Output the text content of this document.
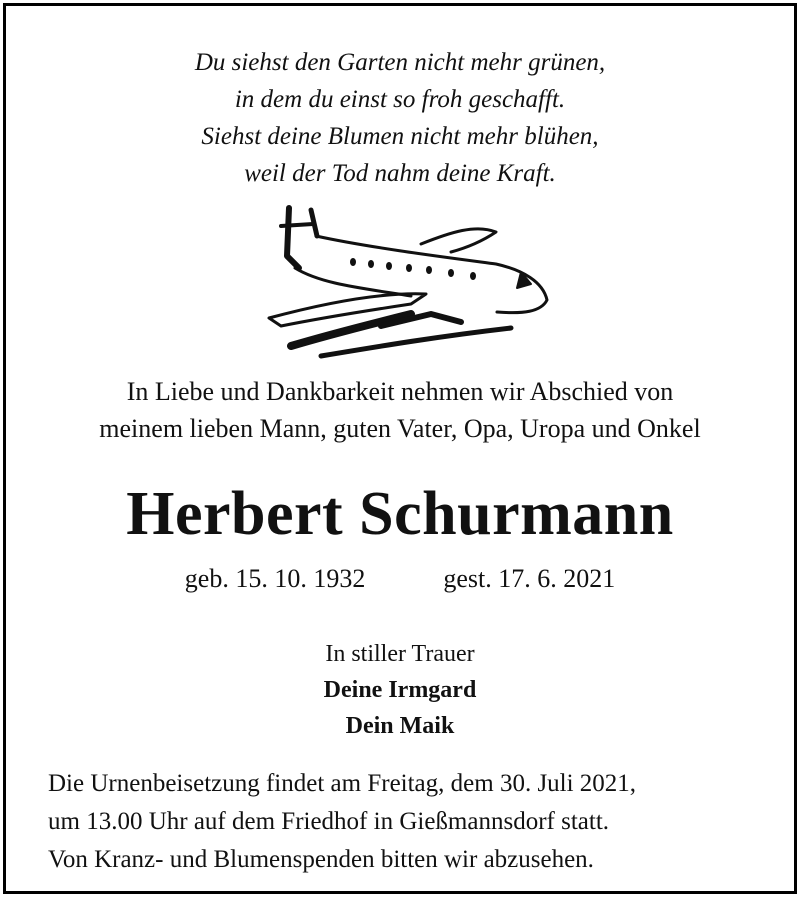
Du siehst den Garten nicht mehr grünen,
in dem du einst so froh geschafft.
Siehst deine Blumen nicht mehr blühen,
weil der Tod nahm deine Kraft.
In Liebe und Dankbarkeit nehmen wir Abschied von
meinem lieben Mann, guten Vater, Opa, Uropa und Onkel
Herbert Schurmann
geb. 15. 10. 1932	gest. 17. 6. 2021
In stiller Trauer
Deine Irmgard
Dein Maik
Die Urnenbeisetzung findet am Freitag, dem 30. Juli 2021,
um 13.00 Uhr auf dem Friedhof in Gießmannsdorf statt.
Von Kranz- und Blumenspenden bitten wir abzusehen.
